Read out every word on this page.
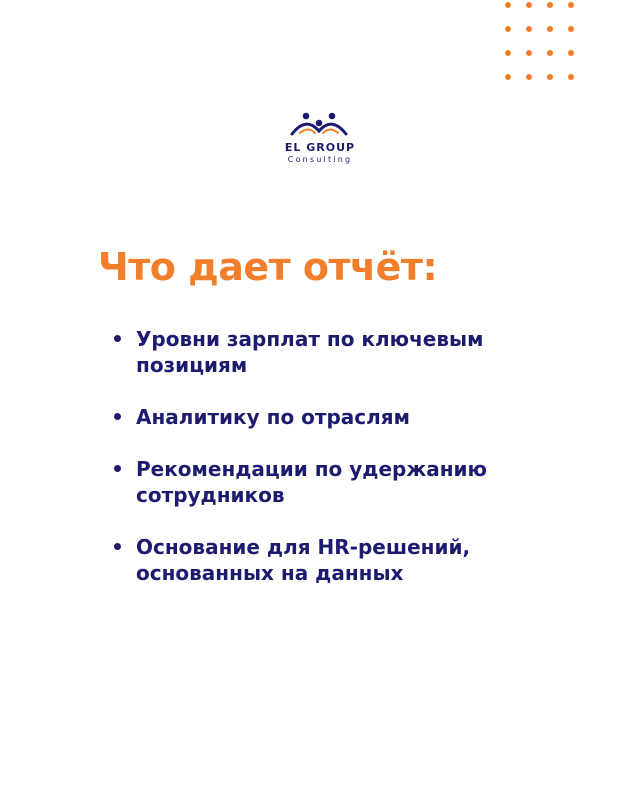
EL GROUP
Consulting
Что дает отчёт:
Уровни зарплат по ключевым позициям
Аналитику по отраслям
Рекомендации по удержанию сотрудников
Основание для HR-решений, основанных на данных
